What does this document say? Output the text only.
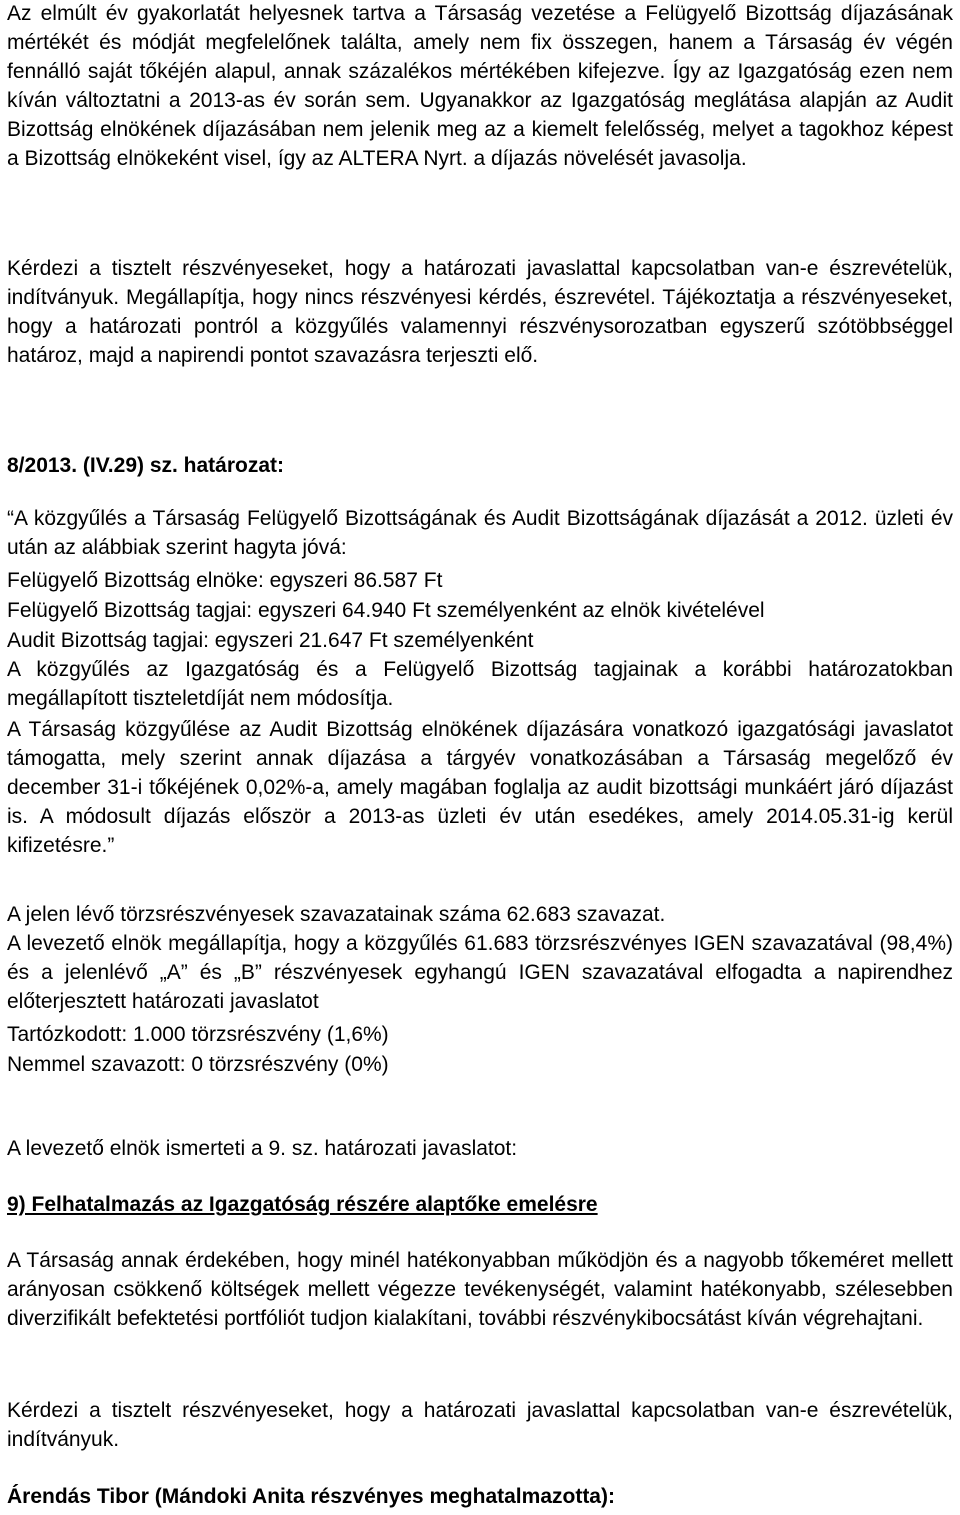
Az elmúlt év gyakorlatát helyesnek tartva a Társaság vezetése a Felügyelő Bizottság díjazásának mértékét és módját megfelelőnek találta, amely nem fix összegen, hanem a Társaság év végén fennálló saját tőkéjén alapul, annak százalékos mértékében kifejezve. Így az Igazgatóság ezen nem kíván változtatni a 2013-as év során sem. Ugyanakkor az Igazgatóság meglátása alapján az Audit Bizottság elnökének díjazásában nem jelenik meg az a kiemelt felelősség, melyet a tagokhoz képest a Bizottság elnökeként visel, így az ALTERA Nyrt. a díjazás növelését javasolja.

Kérdezi a tisztelt részvényeseket, hogy a határozati javaslattal kapcsolatban van-e észrevételük, indítványuk. Megállapítja, hogy nincs részvényesi kérdés, észrevétel. Tájékoztatja a részvényeseket, hogy a határozati pontról a közgyűlés valamennyi részvénysorozatban egyszerű szótöbbséggel határoz, majd a napirendi pontot szavazásra terjeszti elő.

8/2013. (IV.29) sz. határozat:

“A közgyűlés a Társaság Felügyelő Bizottságának és Audit Bizottságának díjazását a 2012. üzleti év után az alábbiak szerint hagyta jóvá:

Felügyelő Bizottság elnöke: egyszeri 86.587 Ft

Felügyelő Bizottság tagjai: egyszeri 64.940 Ft személyenként az elnök kivételével

Audit Bizottság tagjai: egyszeri 21.647 Ft személyenként

A közgyűlés az Igazgatóság és a Felügyelő Bizottság tagjainak a korábbi határozatokban megállapított tiszteletdíját nem módosítja.

A Társaság közgyűlése az Audit Bizottság elnökének díjazására vonatkozó igazgatósági javaslatot támogatta, mely szerint annak díjazása a tárgyév vonatkozásában a Társaság megelőző év december 31-i tőkéjének 0,02%-a, amely magában foglalja az audit bizottsági munkáért járó díjazást is. A módosult díjazás először a 2013-as üzleti év után esedékes, amely 2014.05.31-ig kerül kifizetésre.”

A jelen lévő törzsrészvényesek szavazatainak száma 62.683 szavazat.

A levezető elnök megállapítja, hogy a közgyűlés 61.683 törzsrészvényes IGEN szavazatával (98,4%) és a jelenlévő „A” és „B” részvényesek egyhangú IGEN szavazatával elfogadta a napirendhez előterjesztett határozati javaslatot

Tartózkodott: 1.000 törzsrészvény (1,6%)

Nemmel szavazott: 0 törzsrészvény (0%)

A levezető elnök ismerteti a 9. sz. határozati javaslatot:

9) Felhatalmazás az Igazgatóság részére alaptőke emelésre

A Társaság annak érdekében, hogy minél hatékonyabban működjön és a nagyobb tőkeméret mellett arányosan csökkenő költségek mellett végezze tevékenységét, valamint hatékonyabb, szélesebben diverzifikált befektetési portfóliót tudjon kialakítani, további részvénykibocsátást kíván végrehajtani.

Kérdezi a tisztelt részvényeseket, hogy a határozati javaslattal kapcsolatban van-e észrevételük, indítványuk.

Árendás Tibor (Mándoki Anita részvényes meghatalmazotta):
